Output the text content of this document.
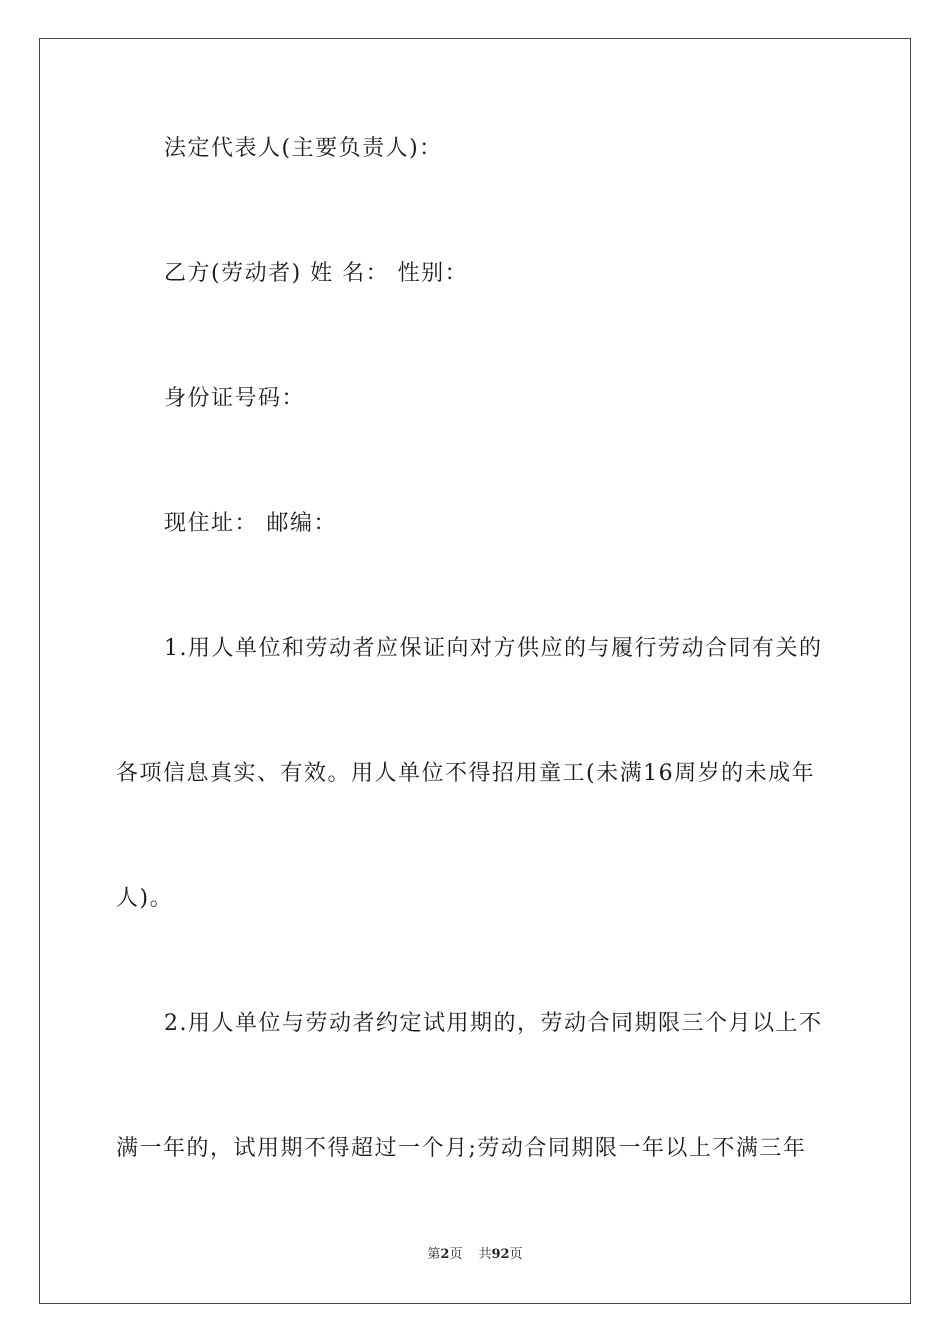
法定代表人(主要负责人)：
乙方(劳动者) 姓 名： 性别：
身份证号码：
现住址： 邮编：
1.用人单位和劳动者应保证向对方供应的与履行劳动合同有关的
各项信息真实、有效。用人单位不得招用童工(未满16周岁的未成年
人)。
2.用人单位与劳动者约定试用期的，劳动合同期限三个月以上不
满一年的，试用期不得超过一个月;劳动合同期限一年以上不满三年
第2页 共92页
